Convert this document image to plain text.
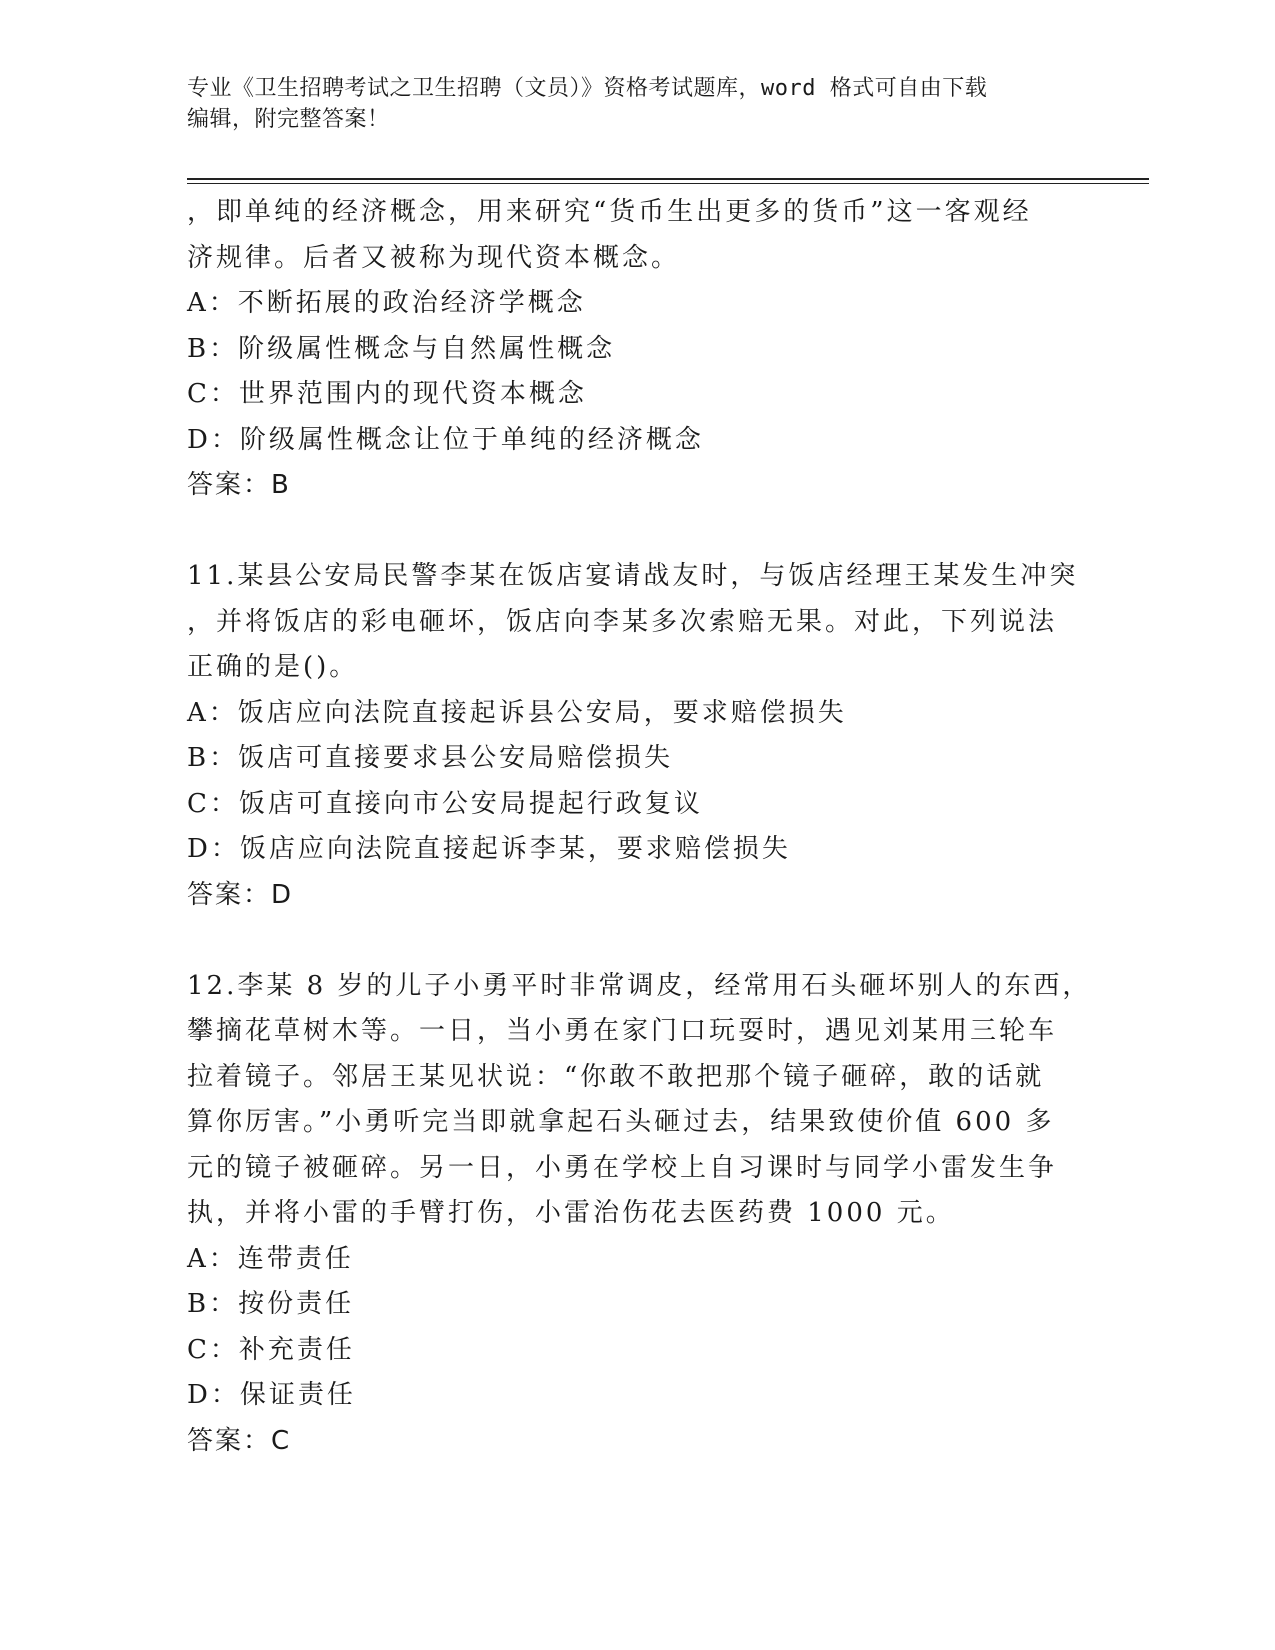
专业《卫生招聘考试之卫生招聘（文员）》资格考试题库，word 格式可自由下载
编辑，附完整答案！
，即单纯的经济概念，用来研究“货币生出更多的货币”这一客观经
济规律。后者又被称为现代资本概念。
A：不断拓展的政治经济学概念
B：阶级属性概念与自然属性概念
C：世界范围内的现代资本概念
D：阶级属性概念让位于单纯的经济概念
答案：B
11.某县公安局民警李某在饭店宴请战友时，与饭店经理王某发生冲突
，并将饭店的彩电砸坏，饭店向李某多次索赔无果。对此，下列说法
正确的是()。
A：饭店应向法院直接起诉县公安局，要求赔偿损失
B：饭店可直接要求县公安局赔偿损失
C：饭店可直接向市公安局提起行政复议
D：饭店应向法院直接起诉李某，要求赔偿损失
答案：D
12.李某 8 岁的儿子小勇平时非常调皮，经常用石头砸坏别人的东西，
攀摘花草树木等。一日，当小勇在家门口玩耍时，遇见刘某用三轮车
拉着镜子。邻居王某见状说：“你敢不敢把那个镜子砸碎，敢的话就
算你厉害。”小勇听完当即就拿起石头砸过去，结果致使价值 600 多
元的镜子被砸碎。另一日，小勇在学校上自习课时与同学小雷发生争
执，并将小雷的手臂打伤，小雷治伤花去医药费 1000 元。
A：连带责任
B：按份责任
C：补充责任
D：保证责任
答案：C
